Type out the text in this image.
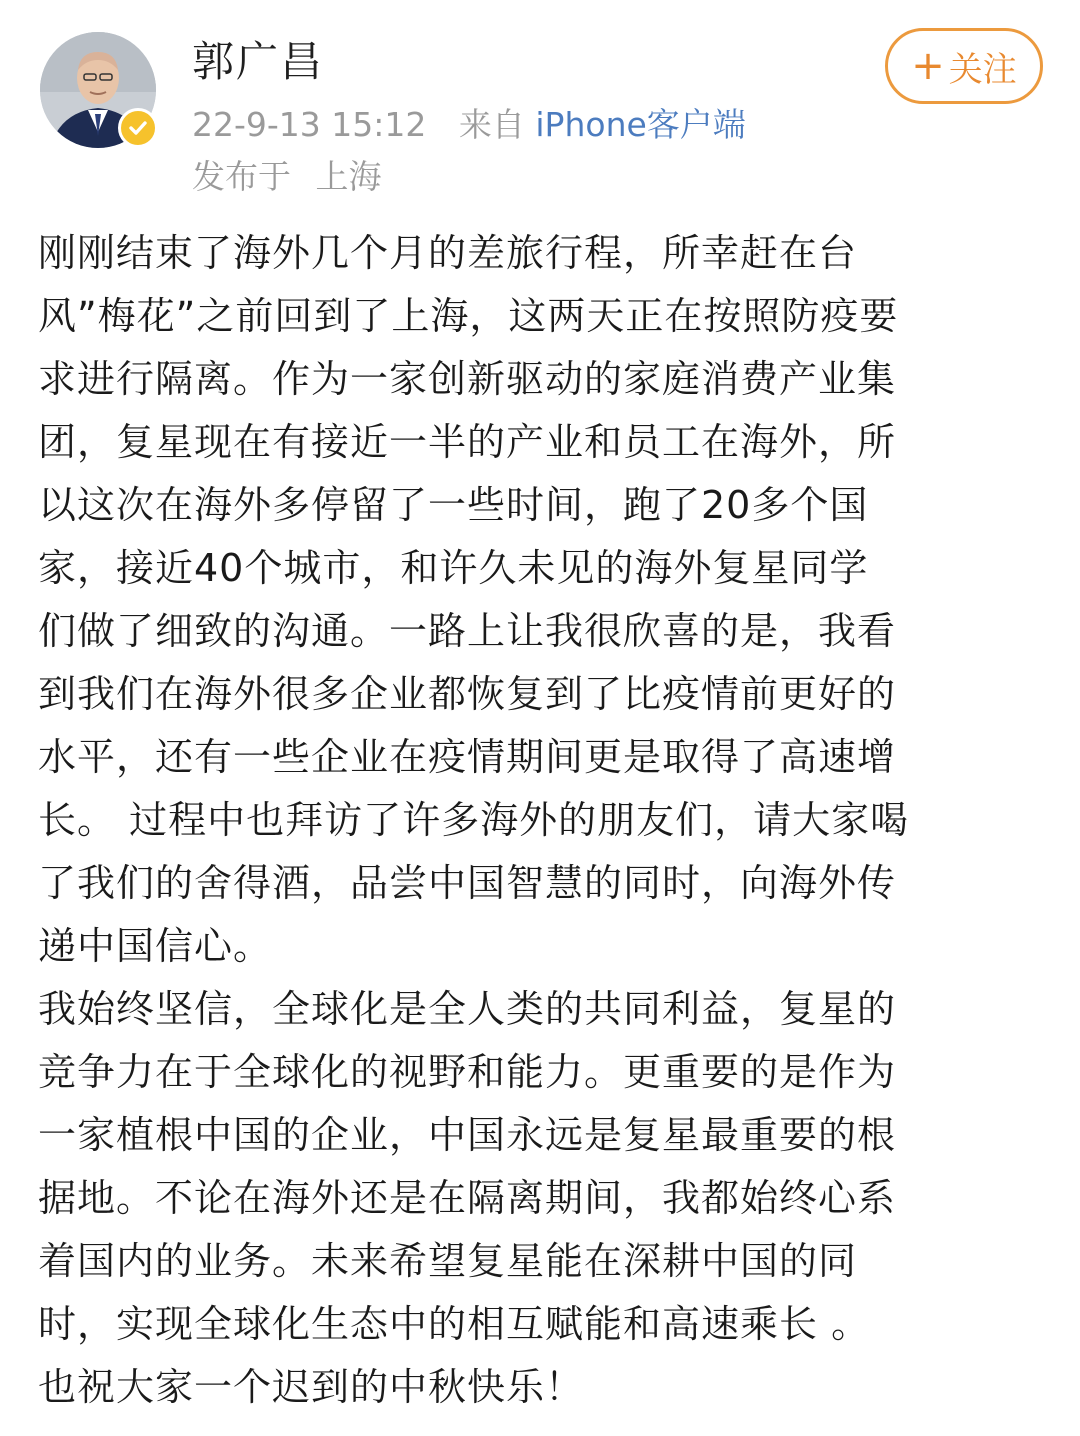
郭广昌
22-9-13 15:12 来自 iPhone客户端
发布于 上海
+ 关注
刚刚结束了海外几个月的差旅行程，所幸赶在台
风”梅花”之前回到了上海，这两天正在按照防疫要
求进行隔离。作为一家创新驱动的家庭消费产业集
团，复星现在有接近一半的产业和员工在海外，所
以这次在海外多停留了一些时间，跑了20多个国
家，接近40个城市，和许久未见的海外复星同学
们做了细致的沟通。一路上让我很欣喜的是，我看
到我们在海外很多企业都恢复到了比疫情前更好的
水平，还有一些企业在疫情期间更是取得了高速增
长。 过程中也拜访了许多海外的朋友们，请大家喝
了我们的舍得酒，品尝中国智慧的同时，向海外传
递中国信心。
我始终坚信，全球化是全人类的共同利益，复星的
竞争力在于全球化的视野和能力。更重要的是作为
一家植根中国的企业，中国永远是复星最重要的根
据地。不论在海外还是在隔离期间，我都始终心系
着国内的业务。未来希望复星能在深耕中国的同
时，实现全球化生态中的相互赋能和高速乘长 。
也祝大家一个迟到的中秋快乐！
